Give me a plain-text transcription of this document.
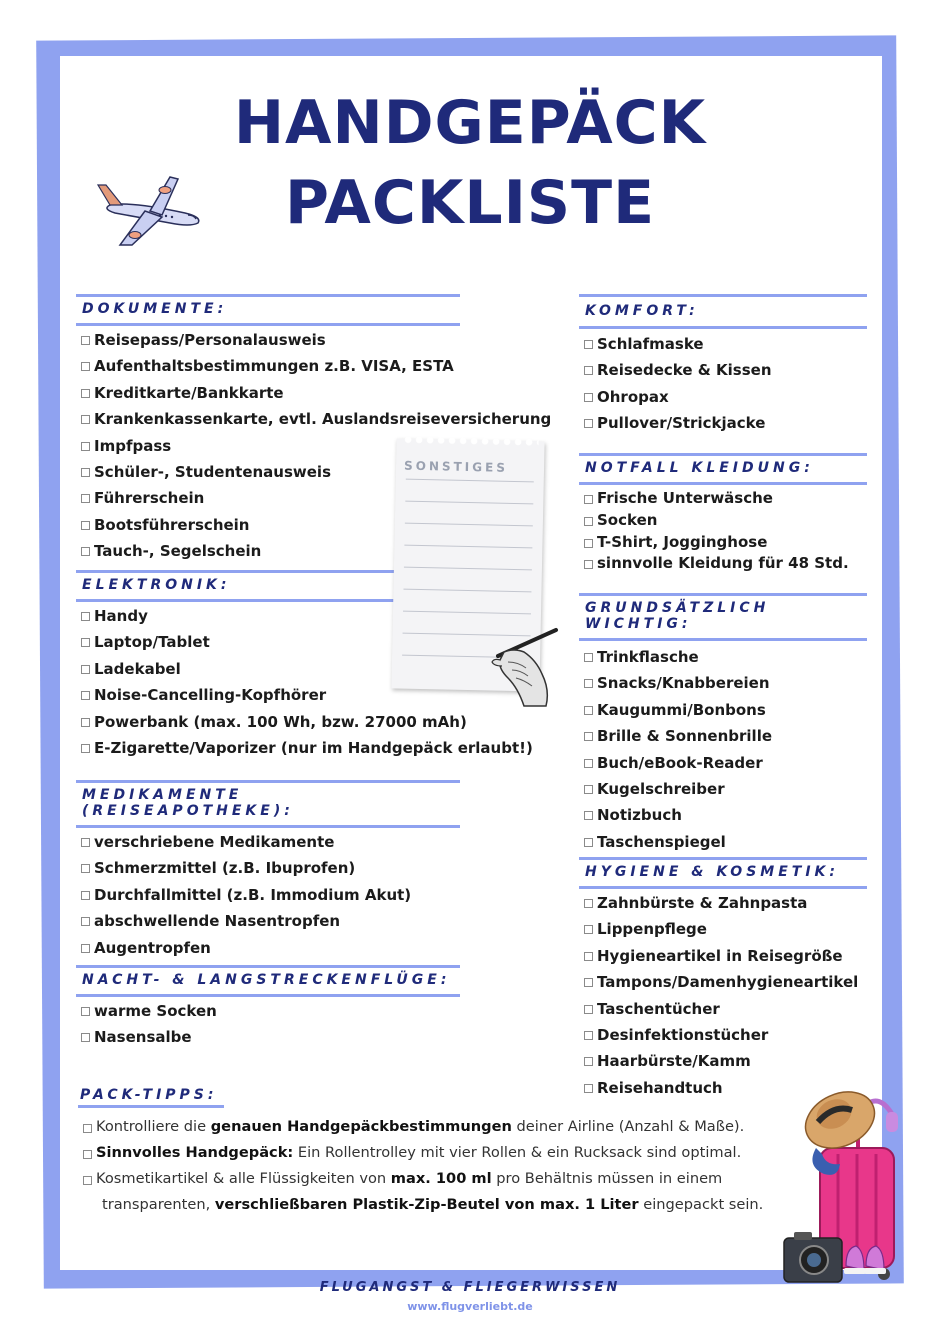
HANDGEPÄCK
PACKLISTE
DOKUMENTE:
Reisepass/Personalausweis
Aufenthaltsbestimmungen z.B. VISA, ESTA
Kreditkarte/Bankkarte
Krankenkassenkarte, evtl. Auslandsreiseversicherung
Impfpass
Schüler-, Studentenausweis
Führerschein
Bootsführerschein
Tauch-, Segelschein
ELEKTRONIK:
Handy
Laptop/Tablet
Ladekabel
Noise-Cancelling-Kopfhörer
Powerbank (max. 100 Wh, bzw. 27000 mAh)
E-Zigarette/Vaporizer (nur im Handgepäck erlaubt!)
MEDIKAMENTE (REISEAPOTHEKE):
verschriebene Medikamente
Schmerzmittel (z.B. Ibuprofen)
Durchfallmittel (z.B. Immodium Akut)
abschwellende Nasentropfen
Augentropfen
NACHT- & LANGSTRECKENFLÜGE:
warme Socken
Nasensalbe
KOMFORT:
Schlafmaske
Reisedecke & Kissen
Ohropax
Pullover/Strickjacke
NOTFALL KLEIDUNG:
Frische Unterwäsche
Socken
T-Shirt, Jogginghose
sinnvolle Kleidung für 48 Std.
GRUNDSÄTZLICH WICHTIG:
Trinkflasche
Snacks/Knabbereien
Kaugummi/Bonbons
Brille & Sonnenbrille
Buch/eBook-Reader
Kugelschreiber
Notizbuch
Taschenspiegel
HYGIENE & KOSMETIK:
Zahnbürste & Zahnpasta
Lippenpflege
Hygieneartikel in Reisegröße
Tampons/Damenhygieneartikel
Taschentücher
Desinfektionstücher
Haarbürste/Kamm
Reisehandtuch
SONSTIGES
PACK-TIPPS:

Kontrolliere die genauen Handgepäckbestimmungen deiner Airline (Anzahl & Maße).

Sinnvolles Handgepäck: Ein Rollentrolley mit vier Rollen & ein Rucksack sind optimal.

Kosmetikartikel & alle Flüssigkeiten von max. 100 ml pro Behältnis müssen in einem

transparenten, verschließbaren Plastik-Zip-Beutel von max. 1 Liter eingepackt sein.

FLUGANGST & FLIEGERWISSEN
www.flugverliebt.de
